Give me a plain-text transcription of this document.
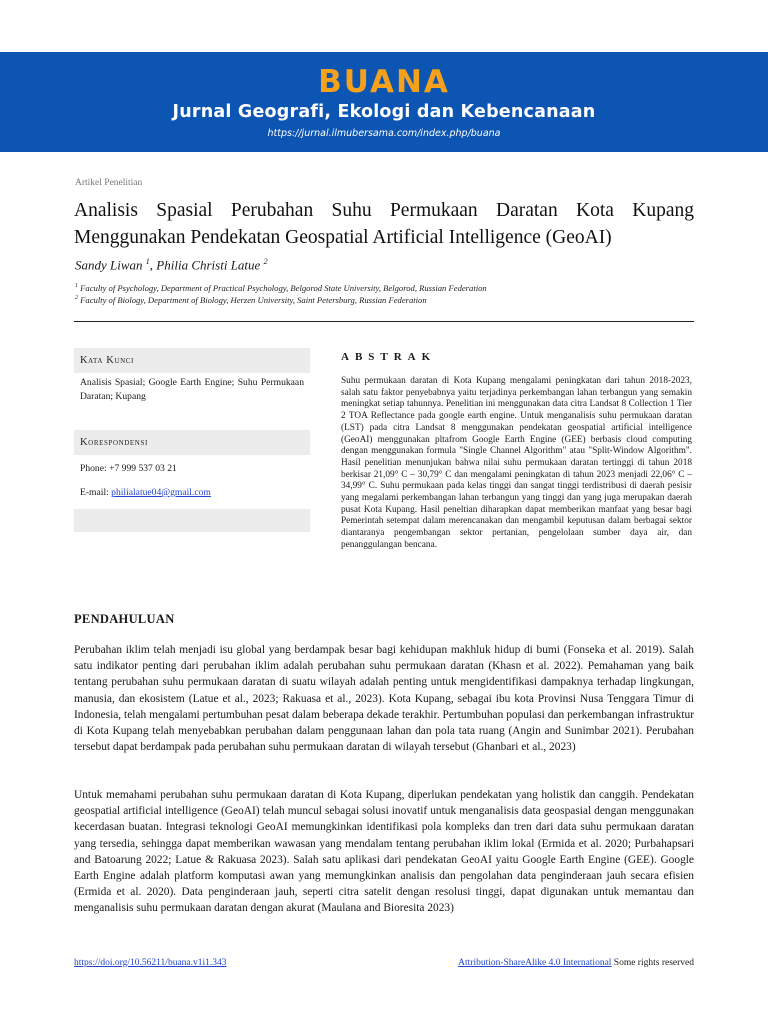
BUANA
Jurnal Geografi, Ekologi dan Kebencanaan
https://jurnal.ilmubersama.com/index.php/buana
Artikel Penelitian
Analisis Spasial Perubahan Suhu Permukaan Daratan Kota Kupang Menggunakan Pendekatan Geospatial Artificial Intelligence (GeoAI)
Sandy Liwan $^1$, Philia Christi Latue $^2$
$^1$ Faculty of Psychology, Department of Practical Psychology, Belgorod State University, Belgorod, Russian Federation
$^2$ Faculty of Biology, Department of Biology, Herzen University, Saint Petersburg, Russian Federation
Kata Kunci
Analisis Spasial; Google Earth Engine; Suhu Permukaan Daratan; Kupang
Korespondensi
Phone: +7 999 537 03 21
E-mail: philialatue04@gmail.com
ABSTRAK
Suhu permukaan daratan di Kota Kupang mengalami peningkatan dari tahun 2018-2023, salah satu faktor penyebabnya yaitu terjadinya perkembangan lahan terbangun yang semakin meningkat setiap tahunnya. Penelitian ini menggunakan data citra Landsat 8 Collection 1 Tier 2 TOA Reflectance pada google earth engine. Untuk menganalisis suhu permukaan daratan (LST) pada citra Landsat 8 menggunakan pendekatan geospatial artificial intelligence (GeoAI) menggunakan pltafrom Google Earth Engine (GEE) berbasis cloud computing dengan menggunakan formula "Single Channel Algorithm" atau "Split-Window Algorithm". Hasil penelitian menunjukan bahwa nilai suhu permukaan daratan tertinggi di tahun 2018 berkisar 21,09° C – 30,79° C dan mengalami peningkatan di tahun 2023 menjadi 22,06° C – 34,99° C. Suhu permukaan pada kelas tinggi dan sangat tinggi terdistribusi di daerah pesisir yang megalami perkembangan lahan terbangun yang tinggi dan yang juga merupakan daerah pusat Kota Kupang. Hasil peneltian diharapkan dapat memberikan manfaat yang besar bagi Pemerintah setempat dalam merencanakan dan mengambil keputusan dalam berbagai sektor diantaranya pengembangan sektor pertanian, pengelolaan sumber daya air, dan penanggulangan bencana.
PENDAHULUAN

Perubahan iklim telah menjadi isu global yang berdampak besar bagi kehidupan makhluk hidup di bumi (Fonseka et al. 2019). Salah satu indikator penting dari perubahan iklim adalah perubahan suhu permukaan daratan (Khasn et al. 2022). Pemahaman yang baik tentang perubahan suhu permukaan daratan di suatu wilayah adalah penting untuk mengidentifikasi dampaknya terhadap lingkungan, manusia, dan ekosistem (Latue et al., 2023; Rakuasa et al., 2023). Kota Kupang, sebagai ibu kota Provinsi Nusa Tenggara Timur di Indonesia, telah mengalami pertumbuhan pesat dalam beberapa dekade terakhir. Pertumbuhan populasi dan perkembangan infrastruktur di Kota Kupang telah menyebabkan perubahan dalam penggunaan lahan dan pola tata ruang (Angin and Sunimbar 2021). Perubahan tersebut dapat berdampak pada perubahan suhu permukaan daratan di wilayah tersebut (Ghanbari et al., 2023)

Untuk memahami perubahan suhu permukaan daratan di Kota Kupang, diperlukan pendekatan yang holistik dan canggih. Pendekatan geospatial artificial intelligence (GeoAI) telah muncul sebagai solusi inovatif untuk menganalisis data geospasial dengan menggunakan kecerdasan buatan. Integrasi teknologi GeoAI memungkinkan identifikasi pola kompleks dan tren dari data suhu permukaan daratan yang tersedia, sehingga dapat memberikan wawasan yang mendalam tentang perubahan iklim lokal (Ermida et al. 2020; Purbahapsari and Batoarung 2022; Latue & Rakuasa 2023). Salah satu aplikasi dari pendekatan GeoAI yaitu Google Earth Engine (GEE). Google Earth Engine adalah platform komputasi awan yang memungkinkan analisis dan pengolahan data penginderaan jauh secara efisien (Ermida et al. 2020). Data penginderaan jauh, seperti citra satelit dengan resolusi tinggi, dapat digunakan untuk memantau dan menganalisis suhu permukaan daratan dengan akurat (Maulana and Bioresita 2023)

https://doi.org/10.56211/buana.v1i1.343	Attribution-ShareAlike 4.0 International Some rights reserved
